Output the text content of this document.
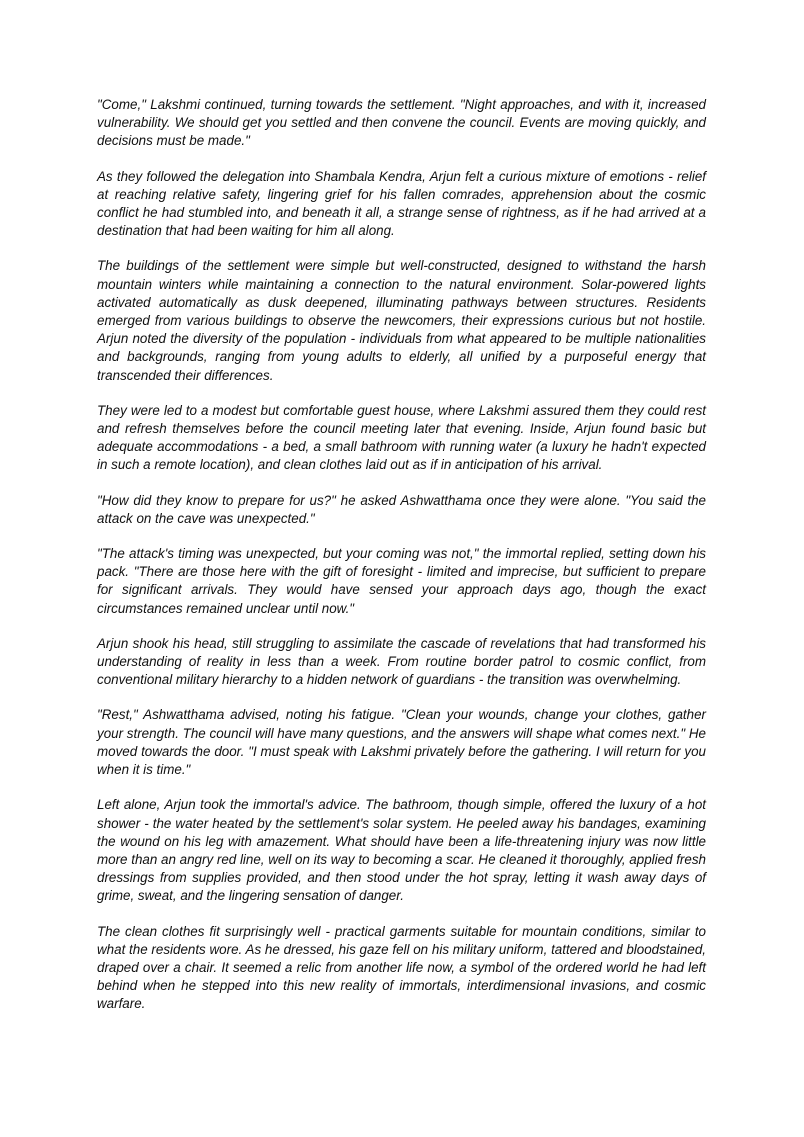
"Come," Lakshmi continued, turning towards the settlement. "Night approaches, and with it, increased vulnerability. We should get you settled and then convene the council. Events are moving quickly, and decisions must be made."

As they followed the delegation into Shambala Kendra, Arjun felt a curious mixture of emotions - relief at reaching relative safety, lingering grief for his fallen comrades, apprehension about the cosmic conflict he had stumbled into, and beneath it all, a strange sense of rightness, as if he had arrived at a destination that had been waiting for him all along.

The buildings of the settlement were simple but well-constructed, designed to withstand the harsh mountain winters while maintaining a connection to the natural environment. Solar-powered lights activated automatically as dusk deepened, illuminating pathways between structures. Residents emerged from various buildings to observe the newcomers, their expressions curious but not hostile. Arjun noted the diversity of the population - individuals from what appeared to be multiple nationalities and backgrounds, ranging from young adults to elderly, all unified by a purposeful energy that transcended their differences.

They were led to a modest but comfortable guest house, where Lakshmi assured them they could rest and refresh themselves before the council meeting later that evening. Inside, Arjun found basic but adequate accommodations - a bed, a small bathroom with running water (a luxury he hadn't expected in such a remote location), and clean clothes laid out as if in anticipation of his arrival.

"How did they know to prepare for us?" he asked Ashwatthama once they were alone. "You said the attack on the cave was unexpected."

"The attack's timing was unexpected, but your coming was not," the immortal replied, setting down his pack. "There are those here with the gift of foresight - limited and imprecise, but sufficient to prepare for significant arrivals. They would have sensed your approach days ago, though the exact circumstances remained unclear until now."

Arjun shook his head, still struggling to assimilate the cascade of revelations that had transformed his understanding of reality in less than a week. From routine border patrol to cosmic conflict, from conventional military hierarchy to a hidden network of guardians - the transition was overwhelming.

"Rest," Ashwatthama advised, noting his fatigue. "Clean your wounds, change your clothes, gather your strength. The council will have many questions, and the answers will shape what comes next." He moved towards the door. "I must speak with Lakshmi privately before the gathering. I will return for you when it is time."

Left alone, Arjun took the immortal's advice. The bathroom, though simple, offered the luxury of a hot shower - the water heated by the settlement's solar system. He peeled away his bandages, examining the wound on his leg with amazement. What should have been a life-threatening injury was now little more than an angry red line, well on its way to becoming a scar. He cleaned it thoroughly, applied fresh dressings from supplies provided, and then stood under the hot spray, letting it wash away days of grime, sweat, and the lingering sensation of danger.

The clean clothes fit surprisingly well - practical garments suitable for mountain conditions, similar to what the residents wore. As he dressed, his gaze fell on his military uniform, tattered and bloodstained, draped over a chair. It seemed a relic from another life now, a symbol of the ordered world he had left behind when he stepped into this new reality of immortals, interdimensional invasions, and cosmic warfare.
